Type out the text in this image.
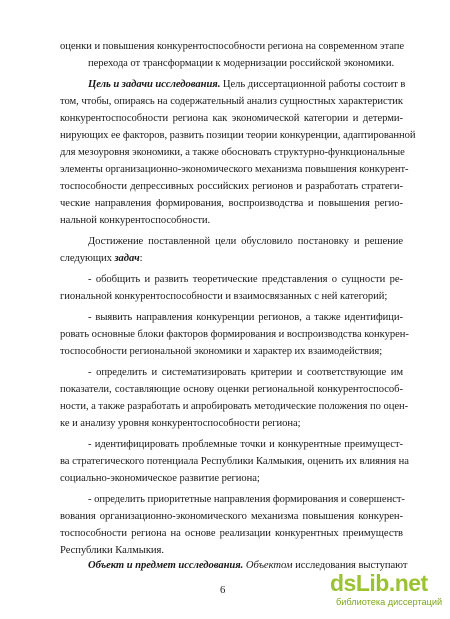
оценки и повышения конкурентоспособности региона на современном этапе
перехода от трансформации к модернизации российской экономики.
Цель и задачи исследования. Цель диссертационной работы состоит в
том, чтобы, опираясь на содержательный анализ сущностных характеристик
конкурентоспособности региона как экономической категории и детерми-
нирующих ее факторов, развить позиции теории конкуренции, адаптированной
для мезоуровня экономики, а также обосновать структурно-функциональные
элементы организационно-экономического механизма повышения конкурент-
тоспособности депрессивных российских регионов и разработать стратеги-
ческие направления формирования, воспроизводства и повышения регио-
нальной конкурентоспособности.
Достижение поставленной цели обусловило постановку и решение
следующих задач:
- обобщить и развить теоретические представления о сущности ре-
гиональной конкурентоспособности и взаимосвязанных с ней категорий;
- выявить направления конкуренции регионов, а также идентифици-
ровать основные блоки факторов формирования и воспроизводства конкурен-
тоспособности региональной экономики и характер их взаимодействия;
- определить и систематизировать критерии и соответствующие им
показатели, составляющие основу оценки региональной конкурентоспособ-
ности, а также разработать и апробировать методические положения по оцен-
ке и анализу уровня конкурентоспособности региона;
- идентифицировать проблемные точки и конкурентные преимущест-
ва стратегического потенциала Республики Калмыкия, оценить их влияния на
социально-экономическое развитие региона;
- определить приоритетные направления формирования и совершенст-
вования организационно-экономического механизма повышения конкурен-
тоспособности региона на основе реализации конкурентных преимуществ
Республики Калмыкия.
Объект и предмет исследования. Объектом исследования выступают
6	dsLib.net
библиотека диссертаций
